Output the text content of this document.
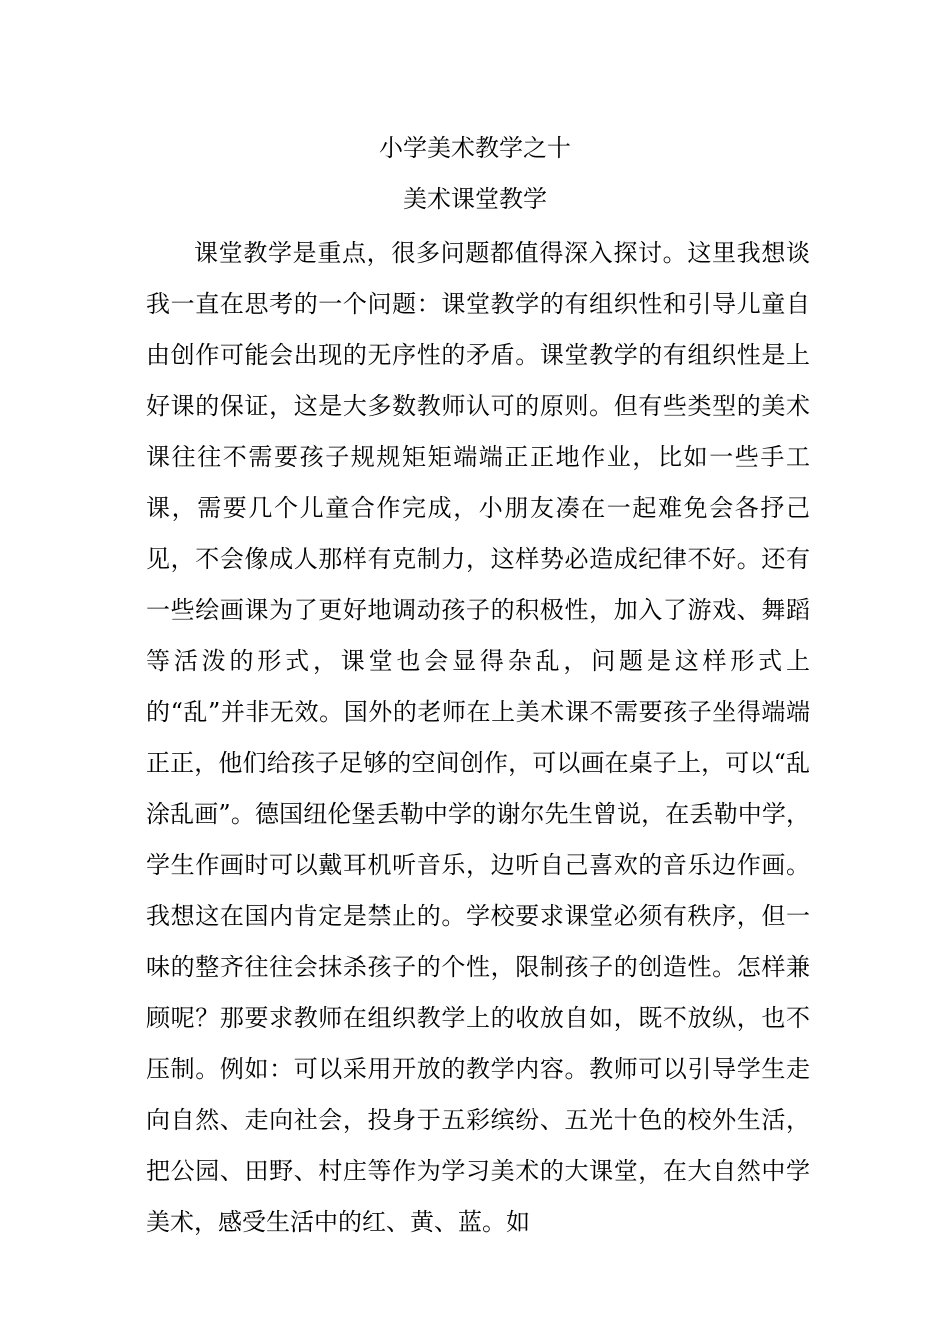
小学美术教学之十
美术课堂教学

课堂教学是重点，很多问题都值得深入探讨。这里我想谈我一直在思考的一个问题：课堂教学的有组织性和引导儿童自由创作可能会出现的无序性的矛盾。课堂教学的有组织性是上好课的保证，这是大多数教师认可的原则。但有些类型的美术课往往不需要孩子规规矩矩端端正正地作业，比如一些手工课，需要几个儿童合作完成，小朋友凑在一起难免会各抒己见，不会像成人那样有克制力，这样势必造成纪律不好。还有一些绘画课为了更好地调动孩子的积极性，加入了游戏、舞蹈等活泼的形式，课堂也会显得杂乱，问题是这样形式上的“乱”并非无效。国外的老师在上美术课不需要孩子坐得端端正正，他们给孩子足够的空间创作，可以画在桌子上，可以“乱涂乱画”。德国纽伦堡丢勒中学的谢尔先生曾说，在丢勒中学，学生作画时可以戴耳机听音乐，边听自己喜欢的音乐边作画。我想这在国内肯定是禁止的。学校要求课堂必须有秩序，但一味的整齐往往会抹杀孩子的个性，限制孩子的创造性。怎样兼顾呢？那要求教师在组织教学上的收放自如，既不放纵，也不压制。例如：可以采用开放的教学内容。教师可以引导学生走向自然、走向社会，投身于五彩缤纷、五光十色的校外生活，把公园、田野、村庄等作为学习美术的大课堂，在大自然中学美术，感受生活中的红、黄、蓝。如
